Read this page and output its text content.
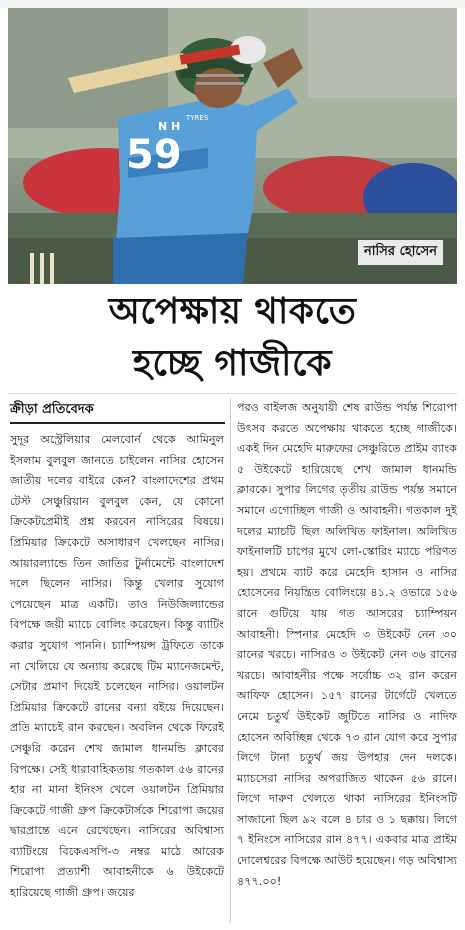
59
N H
TYRES
নাসির হোসেন
অপেক্ষায় থাকতে
হচ্ছে গাজীকে
ক্রীড়া প্রতিবেদক
সুদূর অস্ট্রেলিয়ার মেলবোর্ন থেকে আমিনুল ইসলাম বুলবুল জানতে চাইলেন নাসির হোসেন জাতীয় দলের বাইরে কেন? বাংলাদেশের প্রথম টেস্ট সেঞ্চুরিয়ান বুলবুল কেন, যে কোনো ক্রিকেটপ্রেমীই প্রশ্ন করবেন নাসিরের বিষয়ে। প্রিমিয়ার ক্রিকেটে অসাধারণ খেলছেন নাসির। আয়ারল্যান্ডে তিন জাতির টুর্নামেন্টে বাংলাদেশ দলে ছিলেন নাসির। কিন্তু খেলার সুযোগ পেয়েছেন মাত্র একটি। তাও নিউজিল্যান্ডের বিপক্ষে জয়ী ম্যাচে বোলিং করেছেন। কিন্তু ব্যাটিং করার সুযোগ পাননি। চ্যাম্পিয়ন্স ট্রফিতে তাকে না খেলিয়ে যে অন্যায় করেছে টিম ম্যানেজমেন্ট, সেটার প্রমাণ দিয়েই চলেছেন নাসির। ওয়ালটন প্রিমিয়ার ক্রিকেটে রানের বন্যা বইয়ে দিয়েছেন। প্রতি ম্যাচেই রান করছেন। অবলিন থেকে ফিরেই সেঞ্চুরি করেন শেখ জামাল ধানমন্ডি ক্লাবের বিপক্ষে। সেই ধারাবাহিকতায় গতকাল ৫৬ রানের হার না মানা ইনিংস খেলে ওয়ালটন প্রিমিয়ার ক্রিকেটে গাজী গ্রুপ ক্রিকেটার্সকে শিরোপা জয়ের দ্বারপ্রান্তে এনে রেখেছেন। নাসিরের অবিশ্বাস্য ব্যাটিংয়ে বিকেএসপি-৩ নম্বর মাঠে আরেক শিরোপা প্রত্যাশী আবাহনীকে ৬ উইকেটে হারিয়েছে গাজী গ্রুপ। জয়ের
পরও বাইলজ অনুযায়ী শেষ রাউন্ড পর্যন্ত শিরোপা উৎসব করতে অপেক্ষায় থাকতে হচ্ছে গাজীকে। একই দিন মেহেদি মারুফের সেঞ্চুরিতে প্রাইম ব্যাংক ৫ উইকেটে হারিয়েছে শেখ জামাল ধানমন্ডি ক্লাবকে। সুপার লিগের তৃতীয় রাউন্ড পর্যন্ত সমানে সমানে এগোচ্ছিল গাজী ও আবাহনী। গতকাল দুই দলের ম্যাচটি ছিল অলিখিত ফাইনাল। অলিখিত ফাইনালটি চাপের মুখে লো-স্কোরিং ম্যাচে পরিণত হয়। প্রথমে ব্যাট করে মেহেদি হাসান ও নাসির হোসেনের নিয়ন্ত্রিত বোলিংয়ে ৪১.২ ওভারে ১৫৬ রানে গুটিয়ে যায় গত আসরের চ্যাম্পিয়ন আবাহনী। স্পিনার মেহেদি ৩ উইকেট নেন ৩০ রানের খরচে। নাসিরও ৩ উইকেট নেন ৩৬ রানের খরচে। আবাহনীর পক্ষে সর্বোচ্চ ৩২ রান করেন আফিফ হোসেন। ১৫৭ রানের টার্গেটে খেলতে নেমে চতুর্থ উইকেট জুটিতে নাসির ও নাদিফ হোসেন অবিচ্ছিন্ন থেকে ৭৩ রান যোগ করে সুপার লিগে টানা চতুর্থ জয় উপহার দেন দলকে। ম্যাচসেরা নাসির অপরাজিত থাকেন ৫৬ রানে। লিগে দারুণ খেলতে থাকা নাসিরের ইনিংসটি সাজানো ছিল ৯২ বলে ৪ চার ও ১ ছক্কায়। লিগে ৭ ইনিংসে নাসিরের রান ৪৭৭। একবার মাত্র প্রাইম দোলেশ্বরের বিপক্ষে আউট হয়েছেন। গড় অবিশ্বাস্য ৪৭৭.০০!
